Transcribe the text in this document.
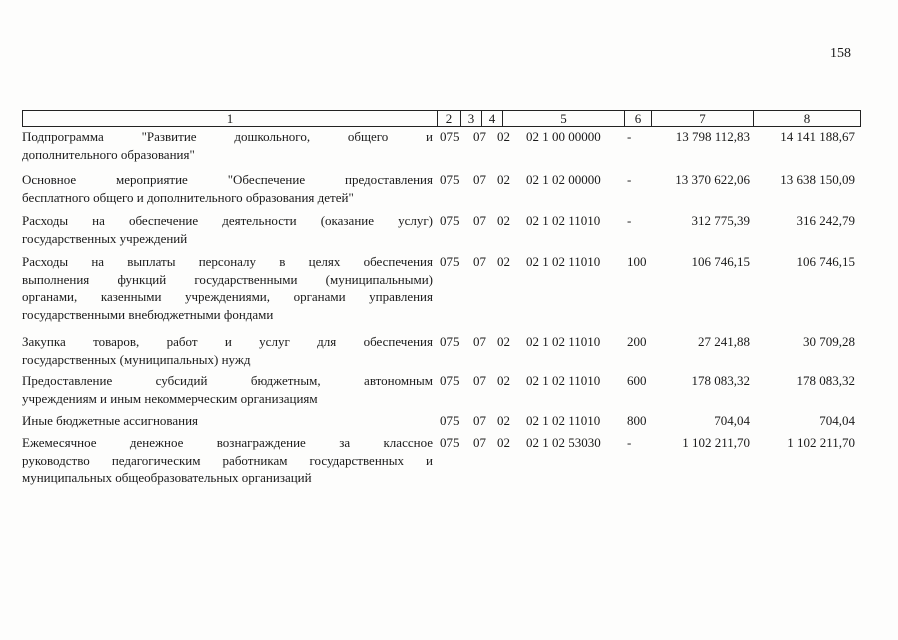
158
1	2	3	4	5	6	7	8
Подпрограмма "Развитие дошкольного, общего и
дополнительного образования"
075	07 02	02 1 00 00000	-	13 798 112,83	14 141 188,67
Основное мероприятие "Обеспечение предоставления
бесплатного общего и дополнительного образования детей"
075	07 02	02 1 02 00000	-	13 370 622,06	13 638 150,09
Расходы на обеспечение деятельности (оказание услуг)
государственных учреждений
075	07 02	02 1 02 11010	-	312 775,39	316 242,79
Расходы на выплаты персоналу в целях обеспечения
выполнения функций государственными (муниципальными)
органами, казенными учреждениями, органами управления
государственными внебюджетными фондами
075	07 02	02 1 02 11010	100	106 746,15	106 746,15
Закупка товаров, работ и услуг для обеспечения
государственных (муниципальных) нужд
075	07 02	02 1 02 11010	200	27 241,88	30 709,28
Предоставление субсидий бюджетным, автономным
учреждениям и иным некоммерческим организациям
075	07 02	02 1 02 11010	600	178 083,32	178 083,32
Иные бюджетные ассигнования	075	07 02	02 1 02 11010	800	704,04	704,04
Ежемесячное денежное вознаграждение за классное
руководство педагогическим работникам государственных и
муниципальных общеобразовательных организаций
075	07 02	02 1 02 53030	-	1 102 211,70	1 102 211,70
